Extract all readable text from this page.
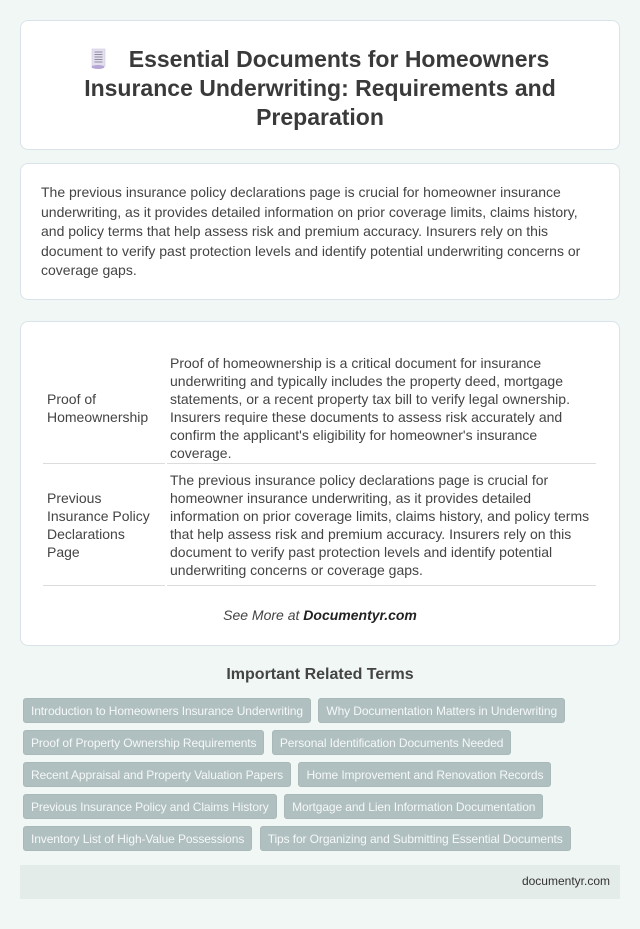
Essential Documents for Homeowners Insurance Underwriting: Requirements and Preparation

The previous insurance policy declarations page is crucial for homeowner insurance underwriting, as it provides detailed information on prior coverage limits, claims history, and policy terms that help assess risk and premium accuracy. Insurers rely on this document to verify past protection levels and identify potential underwriting concerns or coverage gaps.

Proof of Homeownership	Proof of homeownership is a critical document for insurance underwriting and typically includes the property deed, mortgage statements, or a recent property tax bill to verify legal ownership. Insurers require these documents to assess risk accurately and confirm the applicant's eligibility for homeowner's insurance coverage.
Previous Insurance Policy Declarations Page	The previous insurance policy declarations page is crucial for homeowner insurance underwriting, as it provides detailed information on prior coverage limits, claims history, and policy terms that help assess risk and premium accuracy. Insurers rely on this document to verify past protection levels and identify potential underwriting concerns or coverage gaps.
See More at Documentyr.com
Important Related Terms
Introduction to Homeowners Insurance Underwriting Why Documentation Matters in Underwriting
Proof of Property Ownership Requirements Personal Identification Documents Needed
Recent Appraisal and Property Valuation Papers Home Improvement and Renovation Records
Previous Insurance Policy and Claims History Mortgage and Lien Information Documentation
Inventory List of High-Value Possessions Tips for Organizing and Submitting Essential Documents
documentyr.com
